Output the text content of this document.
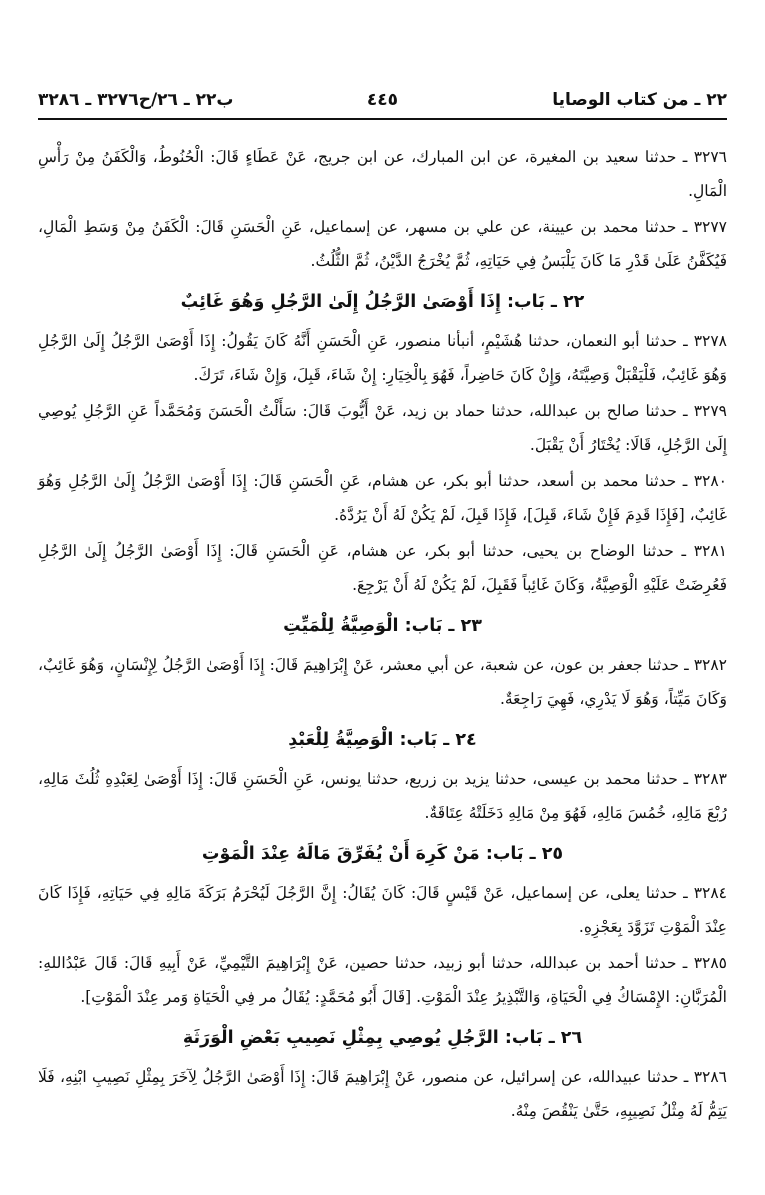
٢٢ ـ من كتاب الوصايا
٤٤٥
ب٢٢ ـ ٢٦/ح٣٢٧٦ ـ ٣٢٨٦

٣٢٧٦ ـ حدثنا سعيد بن المغيرة، عن ابن المبارك، عن ابن جريج، عَنْ عَطَاءٍ قَالَ: الْحُنُوطُ، وَالْكَفَنُ مِنْ رَأْسِ الْمَالِ.

٣٢٧٧ ـ حدثنا محمد بن عيينة، عن علي بن مسهر، عن إسماعيل، عَنِ الْحَسَنِ قَالَ: الْكَفَنُ مِنْ وَسَطِ الْمَالِ، فَيُكَفَّنُ عَلَىٰ قَدْرِ مَا كَانَ يَلْبَسُ فِي حَيَاتِهِ، ثُمَّ يُخْرَجُ الدَّيْنُ، ثُمَّ الثُّلُثُ.

٢٢ ـ بَاب: إِذَا أَوْصَىٰ الرَّجُلُ إِلَىٰ الرَّجُلِ وَهُوَ غَائِبٌ

٣٢٧٨ ـ حدثنا أبو النعمان، حدثنا هُشَيْمٍ، أنبأنا منصور، عَنِ الْحَسَنِ أَنَّهُ كَانَ يَقُولُ: إِذَا أَوْصَىٰ الرَّجُلُ إِلَىٰ الرَّجُلِ وَهُوَ غَائِبٌ، فَلْيَقْبَلْ وَصِيَّتَهُ، وَإِنْ كَانَ حَاضِراً، فَهُوَ بِالْخِيَارِ: إِنْ شَاءَ، قَبِلَ، وَإِنْ شَاءَ، تَرَكَ.

٣٢٧٩ ـ حدثنا صالح بن عبدالله، حدثنا حماد بن زيد، عَنْ أَيُّوبَ قَالَ: سَأَلْتُ الْحَسَنَ وَمُحَمَّداً عَنِ الرَّجُلِ يُوصِي إِلَىٰ الرَّجُلِ، قَالَا: يُخْتَارُ أَنْ يَقْبَلَ.

٣٢٨٠ ـ حدثنا محمد بن أسعد، حدثنا أبو بكر، عن هشام، عَنِ الْحَسَنِ قَالَ: إِذَا أَوْصَىٰ الرَّجُلُ إِلَىٰ الرَّجُلِ وَهُوَ غَائِبٌ، [فَإِذَا قَدِمَ فَإِنْ شَاءَ، قَبِلَ]، فَإِذَا قَبِلَ، لَمْ يَكُنْ لَهُ أَنْ يَرُدَّهُ.

٣٢٨١ ـ حدثنا الوضاح بن يحيى، حدثنا أبو بكر، عن هشام، عَنِ الْحَسَنِ قَالَ: إِذَا أَوْصَىٰ الرَّجُلُ إِلَىٰ الرَّجُلِ فَعُرِضَتْ عَلَيْهِ الْوَصِيَّةُ، وَكَانَ غَائِباً فَقَبِلَ، لَمْ يَكُنْ لَهُ أَنْ يَرْجِعَ.

٢٣ ـ بَاب: الْوَصِيَّةُ لِلْمَيِّتِ

٣٢٨٢ ـ حدثنا جعفر بن عون، عن شعبة، عن أبي معشر، عَنْ إِبْرَاهِيمَ قَالَ: إِذَا أَوْصَىٰ الرَّجُلُ لِإِنْسَانٍ، وَهُوَ غَائِبٌ، وَكَانَ مَيِّتاً، وَهُوَ لَا يَدْرِي، فَهِيَ رَاجِعَةٌ.

٢٤ ـ بَاب: الْوَصِيَّةُ لِلْعَبْدِ

٣٢٨٣ ـ حدثنا محمد بن عيسى، حدثنا يزيد بن زريع، حدثنا يونس، عَنِ الْحَسَنِ قَالَ: إِذَا أَوْصَىٰ لِعَبْدِهِ ثُلُثَ مَالِهِ، رُبْعَ مَالِهِ، خُمُسَ مَالِهِ، فَهُوَ مِنْ مَالِهِ دَخَلَتْهُ عِتَاقَةٌ.

٢٥ ـ بَاب: مَنْ كَرِهَ أَنْ يُفَرِّقَ مَالَهُ عِنْدَ الْمَوْتِ

٣٢٨٤ ـ حدثنا يعلى، عن إسماعيل، عَنْ قَيْسٍ قَالَ: كَانَ يُقَالُ: إِنَّ الرَّجُلَ لَيُحْرَمُ بَرَكَةَ مَالِهِ فِي حَيَاتِهِ، فَإِذَا كَانَ عِنْدَ الْمَوْتِ تَزَوَّدَ بِعَجْزِهِ.

٣٢٨٥ ـ حدثنا أحمد بن عبدالله، حدثنا أبو زبيد، حدثنا حصين، عَنْ إِبْرَاهِيمَ التَّيْمِيِّ، عَنْ أَبِيهِ قَالَ: قَالَ عَبْدُاللهِ: الْمُرَبَّانِ: الإِمْسَاكُ فِي الْحَيَاةِ، وَالتَّبْذِيرُ عِنْدَ الْمَوْتِ. [قَالَ أَبُو مُحَمَّدٍ: يُقَالُ مر فِي الْحَيَاةِ وَمر عِنْدَ الْمَوْتِ].

٢٦ ـ بَاب: الرَّجُلِ يُوصِي بِمِثْلِ نَصِيبِ بَعْضِ الْوَرَثَةِ

٣٢٨٦ ـ حدثنا عبيدالله، عن إسرائيل، عن منصور، عَنْ إِبْرَاهِيمَ قَالَ: إِذَا أَوْصَىٰ الرَّجُلُ لِآخَرَ بِمِثْلِ نَصِيبِ ابْنِهِ، فَلَا يَتِمُّ لَهُ مِثْلُ نَصِيبِهِ، حَتَّىٰ يَنْقُصَ مِنْهُ.
